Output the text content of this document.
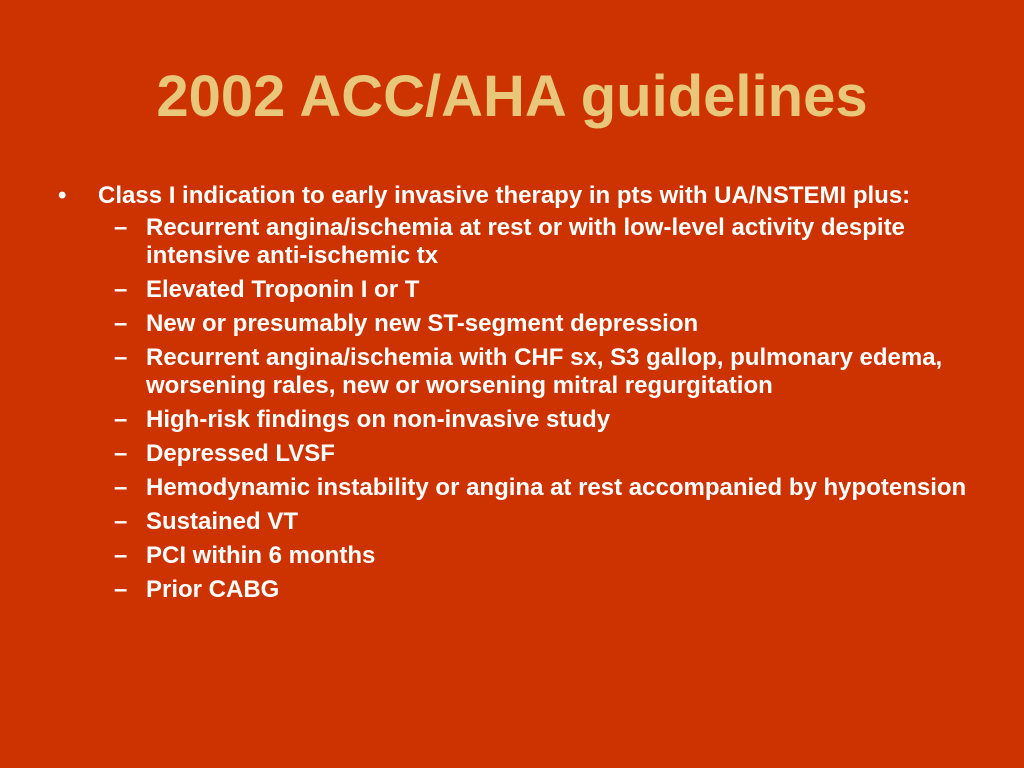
2002 ACC/AHA guidelines
•	Class I indication to early invasive therapy in pts with UA/NSTEMI plus:
– Recurrent angina/ischemia at rest or with low-level activity despite intensive anti-ischemic tx
– Elevated Troponin I or T
– New or presumably new ST-segment depression
– Recurrent angina/ischemia with CHF sx, S3 gallop, pulmonary edema, worsening rales, new or worsening mitral regurgitation
– High-risk findings on non-invasive study
– Depressed LVSF
– Hemodynamic instability or angina at rest accompanied by hypotension
– Sustained VT
– PCI within 6 months
– Prior CABG
